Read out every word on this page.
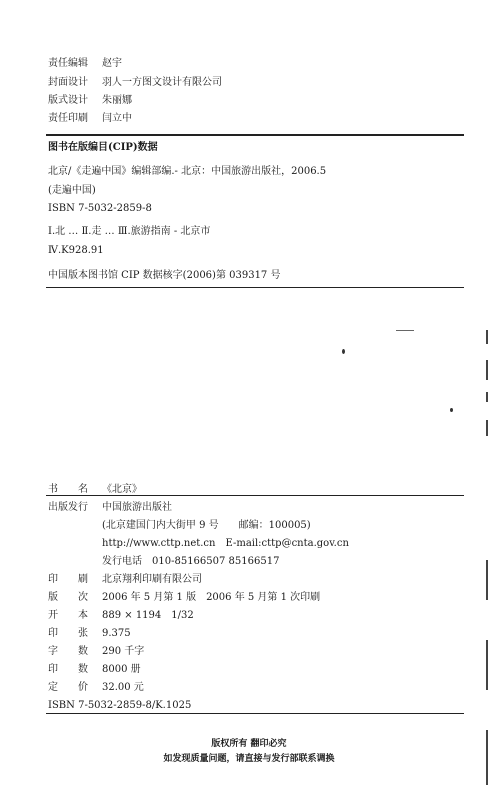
责任编辑 赵宇
封面设计 羽人一方图文设计有限公司
版式设计 朱丽娜
责任印刷 闫立中
图书在版编目(CIP)数据
北京/《走遍中国》编辑部编.- 北京：中国旅游出版社，2006.5
(走遍中国)
ISBN 7-5032-2859-8
Ⅰ.北 … Ⅱ.走 … Ⅲ.旅游指南 - 北京市
Ⅳ.K928.91
中国版本图书馆 CIP 数据核字(2006)第 039317 号
书　　名 《北京》
出版发行 中国旅游出版社
(北京建国门内大街甲 9 号　　邮编：100005)
http://www.cttp.net.cn　E-mail:cttp@cnta.gov.cn
发行电话　010-85166507 85166517
印　　刷 北京翔利印刷有限公司
版　　次 2006 年 5 月第 1 版　2006 年 5 月第 1 次印刷
开　　本 889 × 1194　1/32
印　　张 9.375
字　　数 290 千字
印　　数 8000 册
定　　价 32.00 元
ISBN 7-5032-2859-8/K.1025
版权所有 翻印必究
如发现质量问题，请直接与发行部联系调换
